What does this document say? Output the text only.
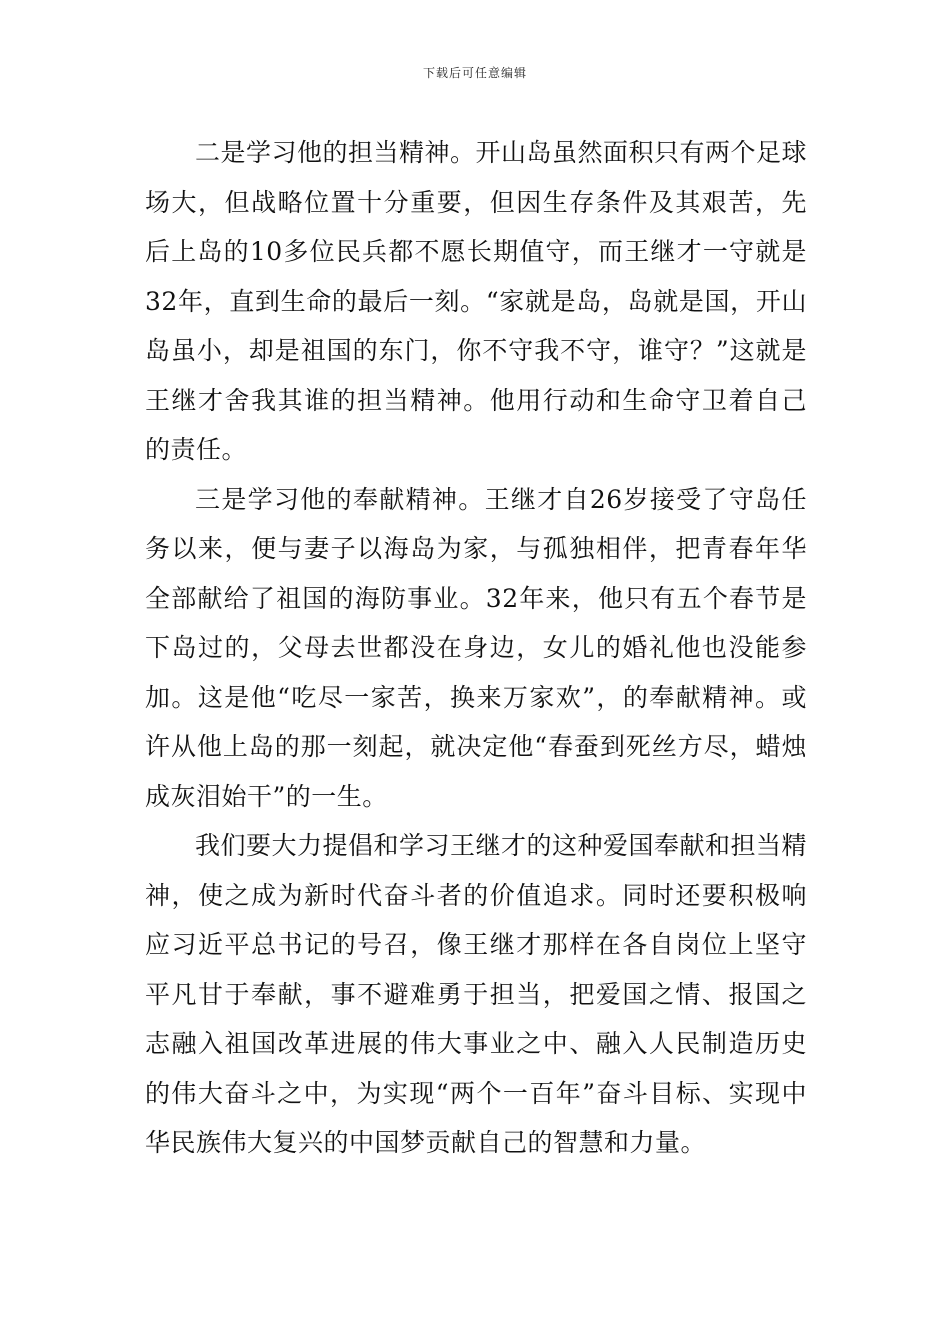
下载后可任意编辑

二是学习他的担当精神。开山岛虽然面积只有两个足球场大，但战略位置十分重要，但因生存条件及其艰苦，先后上岛的10多位民兵都不愿长期值守，而王继才一守就是32年，直到生命的最后一刻。“家就是岛，岛就是国，开山岛虽小，却是祖国的东门，你不守我不守，谁守？”这就是王继才舍我其谁的担当精神。他用行动和生命守卫着自己的责任。

三是学习他的奉献精神。王继才自26岁接受了守岛任务以来，便与妻子以海岛为家，与孤独相伴，把青春年华全部献给了祖国的海防事业。32年来，他只有五个春节是下岛过的，父母去世都没在身边，女儿的婚礼他也没能参加。这是他“吃尽一家苦，换来万家欢”，的奉献精神。或许从他上岛的那一刻起，就决定他“春蚕到死丝方尽，蜡烛成灰泪始干”的一生。

我们要大力提倡和学习王继才的这种爱国奉献和担当精神，使之成为新时代奋斗者的价值追求。同时还要积极响应习近平总书记的号召，像王继才那样在各自岗位上坚守平凡甘于奉献，事不避难勇于担当，把爱国之情、报国之志融入祖国改革进展的伟大事业之中、融入人民制造历史的伟大奋斗之中，为实现“两个一百年”奋斗目标、实现中华民族伟大复兴的中国梦贡献自己的智慧和力量。
